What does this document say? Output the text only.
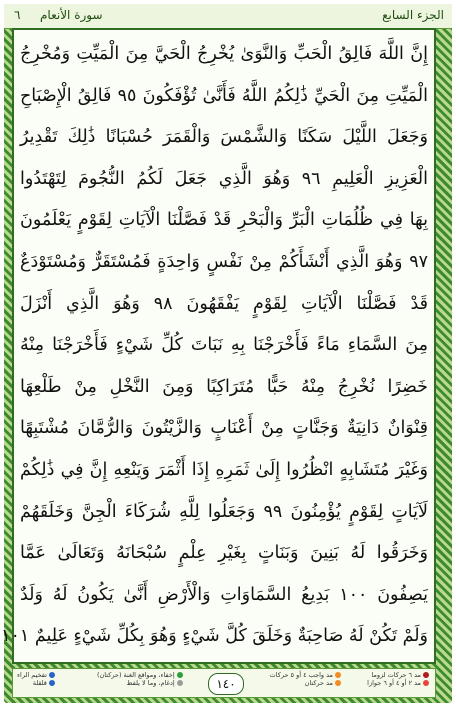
الجزء السابع
سورة الأنعام
٦
إِنَّ اللَّهَ فَالِقُ الْحَبِّ وَالنَّوَىٰ يُخْرِجُ الْحَيَّ مِنَ الْمَيِّتِ وَمُخْرِجُ
الْمَيِّتِ مِنَ الْحَيِّ ذَٰلِكُمُ اللَّهُ فَأَنَّىٰ تُؤْفَكُونَ ٩٥ فَالِقُ الْإِصْبَاحِ
وَجَعَلَ اللَّيْلَ سَكَنًا وَالشَّمْسَ وَالْقَمَرَ حُسْبَانًا ذَٰلِكَ تَقْدِيرُ
الْعَزِيزِ الْعَلِيمِ ٩٦ وَهُوَ الَّذِي جَعَلَ لَكُمُ النُّجُومَ لِتَهْتَدُوا
بِهَا فِي ظُلُمَاتِ الْبَرِّ وَالْبَحْرِ قَدْ فَصَّلْنَا الْآيَاتِ لِقَوْمٍ يَعْلَمُونَ
٩٧ وَهُوَ الَّذِي أَنْشَأَكُمْ مِنْ نَفْسٍ وَاحِدَةٍ فَمُسْتَقَرٌّ وَمُسْتَوْدَعٌ
قَدْ فَصَّلْنَا الْآيَاتِ لِقَوْمٍ يَفْقَهُونَ ٩٨ وَهُوَ الَّذِي أَنْزَلَ
مِنَ السَّمَاءِ مَاءً فَأَخْرَجْنَا بِهِ نَبَاتَ كُلِّ شَيْءٍ فَأَخْرَجْنَا مِنْهُ
خَضِرًا نُخْرِجُ مِنْهُ حَبًّا مُتَرَاكِبًا وَمِنَ النَّخْلِ مِنْ طَلْعِهَا
قِنْوَانٌ دَانِيَةٌ وَجَنَّاتٍ مِنْ أَعْنَابٍ وَالزَّيْتُونَ وَالرُّمَّانَ مُشْتَبِهًا
وَغَيْرَ مُتَشَابِهٍ انْظُرُوا إِلَىٰ ثَمَرِهِ إِذَا أَثْمَرَ وَيَنْعِهِ إِنَّ فِي ذَٰلِكُمْ
لَآيَاتٍ لِقَوْمٍ يُؤْمِنُونَ ٩٩ وَجَعَلُوا لِلَّهِ شُرَكَاءَ الْجِنَّ وَخَلَقَهُمْ
وَخَرَقُوا لَهُ بَنِينَ وَبَنَاتٍ بِغَيْرِ عِلْمٍ سُبْحَانَهُ وَتَعَالَىٰ عَمَّا
يَصِفُونَ ١٠٠ بَدِيعُ السَّمَاوَاتِ وَالْأَرْضِ أَنَّىٰ يَكُونُ لَهُ وَلَدٌ
وَلَمْ تَكُنْ لَهُ صَاحِبَةٌ وَخَلَقَ كُلَّ شَيْءٍ وَهُوَ بِكُلِّ شَيْءٍ عَلِيمٌ ١٠١
مد ٦ حركات لزوما
مد ٢ أو ٤ أو ٦ جوازا
مد واجب ٤ أو ٥ حركات
مد حركتان
١٤٠
إخفاء، ومواقع الغنة (حركتان)
إدغام، وما لا يلفظ
تفخيم الراء
قلقلة
